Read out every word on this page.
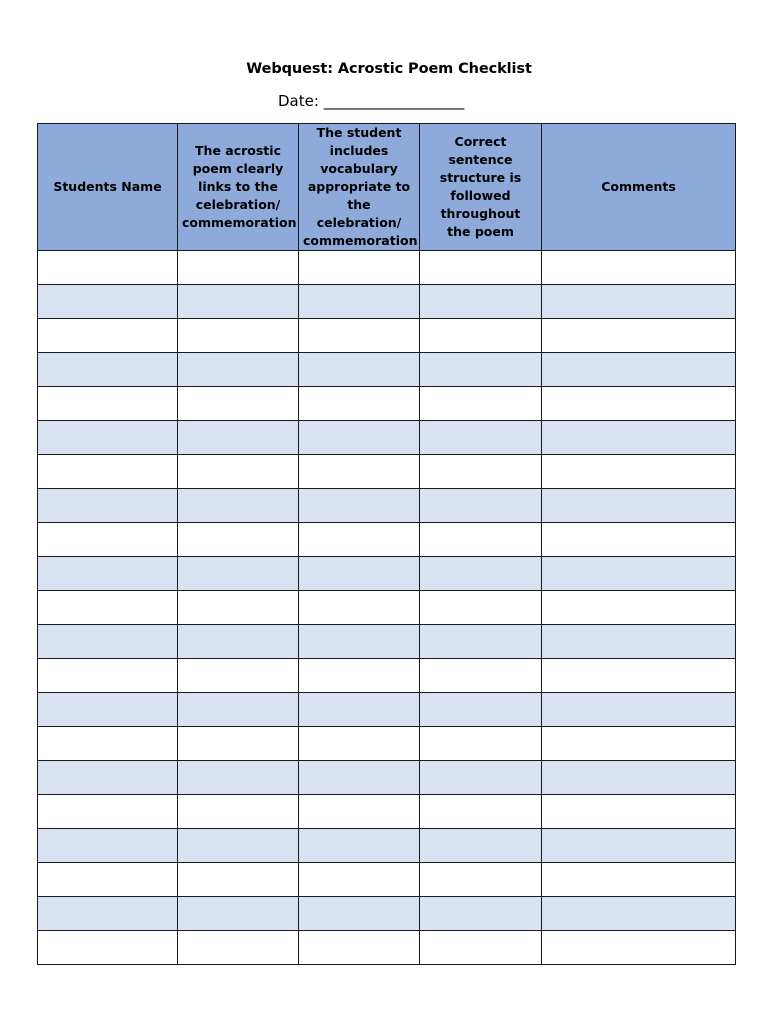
Webquest: Acrostic Poem Checklist
Date: ____________________
Students Name	The acrostic poem clearly links to the celebration/ commemoration	The student includes vocabulary appropriate to the celebration/ commemoration	Correct sentence structure is followed throughout the poem	Comments
